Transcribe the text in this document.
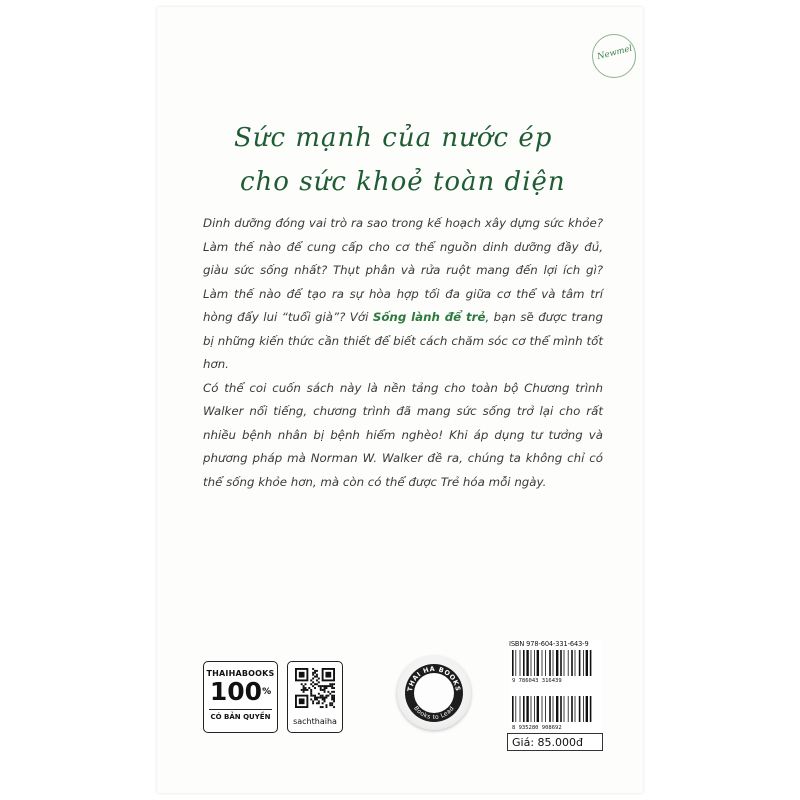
Newmel
Sức mạnh của nước ép
cho sức khoẻ toàn diện

Dinh dưỡng đóng vai trò ra sao trong kế hoạch xây dựng sức khỏe? Làm thế nào để cung cấp cho cơ thể nguồn dinh dưỡng đầy đủ, giàu sức sống nhất? Thụt phân và rửa ruột mang đến lợi ích gì? Làm thế nào để tạo ra sự hòa hợp tối đa giữa cơ thể và tâm trí hòng đẩy lui “tuổi già”? Với Sống lành để trẻ, bạn sẽ được trang bị những kiến thức cần thiết để biết cách chăm sóc cơ thể mình tốt hơn.

Có thể coi cuốn sách này là nền tảng cho toàn bộ Chương trình Walker nổi tiếng, chương trình đã mang sức sống trở lại cho rất nhiều bệnh nhân bị bệnh hiểm nghèo! Khi áp dụng tư tưởng và phương pháp mà Norman W. Walker đề ra, chúng ta không chỉ có thể sống khỏe hơn, mà còn có thể được Trẻ hóa mỗi ngày.

THAIHABOOKS
100%
CÓ BẢN QUYỀN	sachthaiha
THAI HA BOOKS
Books to Lead
ISBN 978-604-331-643-9
9 786043 316439
8 935280 908692
Giá: 85.000đ
